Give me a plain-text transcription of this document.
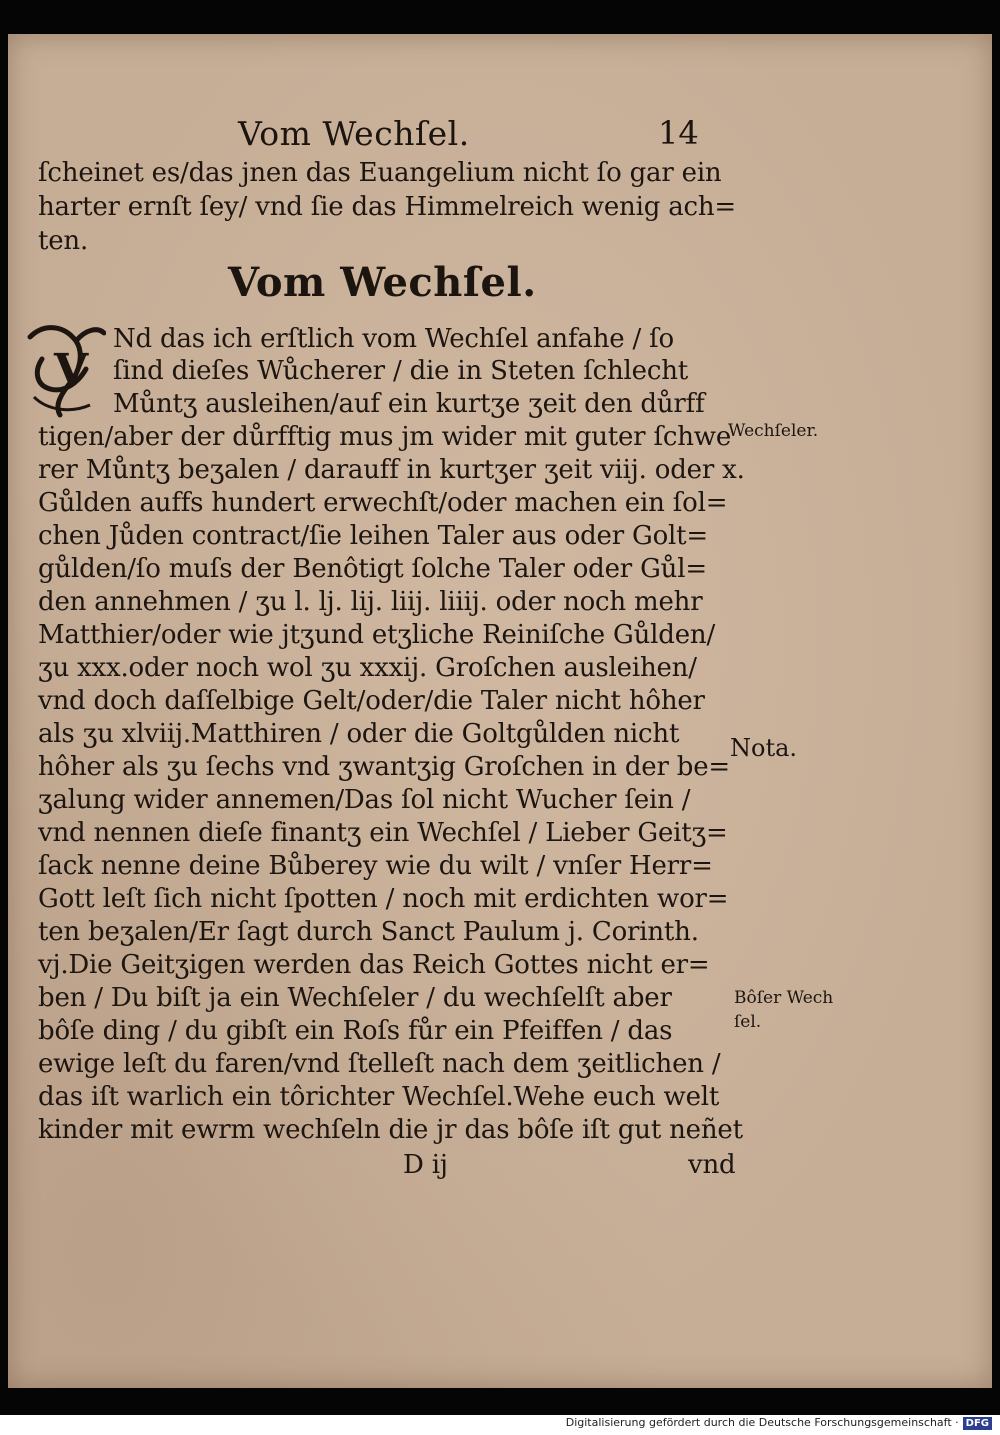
Vom Wechſel.	14
ſcheinet es/das jnen das Euangelium nicht ſo gar ein
harter ernſt ſey/ vnd ſie das Himmelreich wenig ach=
ten.
Vom Wechſel.
V
Nd das ich erſtlich vom Wechſel anfahe / ſo
ſind dieſes Wůcherer / die in Steten ſchlecht
Můntʒ ausleihen/auf ein kurtʒe ʒeit den důrff
tigen/aber der důrfftig mus jm wider mit guter ſchwe
rer Můntʒ beʒalen / darauff in kurtʒer ʒeit viij. oder x.
Gůlden auffs hundert erwechſt/oder machen ein ſol=
chen Jůden contract/ſie leihen Taler aus oder Golt=
gůlden/ſo muſs der Benôtigt ſolche Taler oder Gůl=
den annehmen / ʒu l. lj. lij. liij. liiij. oder noch mehr
Matthier/oder wie jtʒund etʒliche Reiniſche Gůlden/
ʒu xxx.oder noch wol ʒu xxxij. Groſchen ausleihen/
vnd doch daſſelbige Gelt/oder/die Taler nicht hôher
als ʒu xlviij.Matthiren / oder die Goltgůlden nicht
hôher als ʒu ſechs vnd ʒwantʒig Groſchen in der be=
ʒalung wider annemen/Das ſol nicht Wucher ſein /
vnd nennen dieſe finantʒ ein Wechſel / Lieber Geitʒ=
ſack nenne deine Bůberey wie du wilt / vnſer Herr=
Gott leſt ſich nicht ſpotten / noch mit erdichten wor=
ten beʒalen/Er ſagt durch Sanct Paulum j. Corinth.
vj.Die Geitʒigen werden das Reich Gottes nicht er=
ben / Du biſt ja ein Wechſeler / du wechſelſt aber
bôſe ding / du gibſt ein Roſs fůr ein Pfeiffen / das
ewige leſt du faren/vnd ſtelleſt nach dem ʒeitlichen /
das iſt warlich ein tôrichter Wechſel.Wehe euch welt
kinder mit ewrm wechſeln die jr das bôſe iſt gut neñet
D ij	vnd
Wechſeler.
Nota.
Bôſer Wech
ſel.
Digitalisierung gefördert durch die Deutsche Forschungsgemeinschaft · DFG
